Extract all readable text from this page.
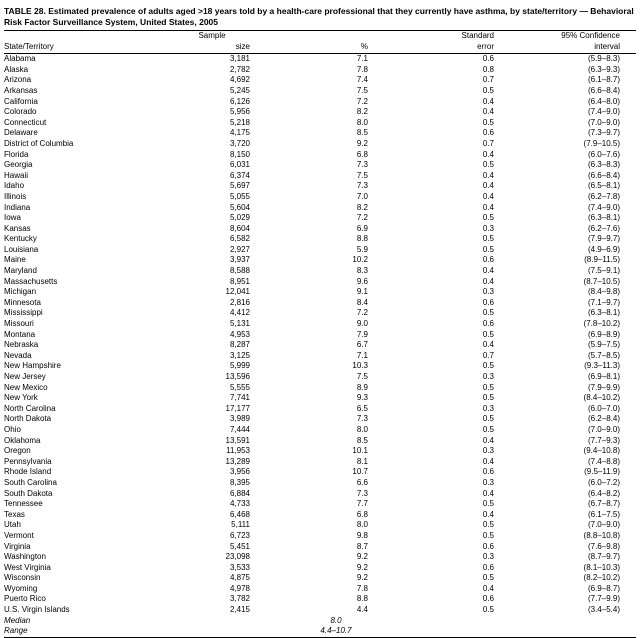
TABLE 28. Estimated prevalence of adults aged >18 years told by a health-care professional that they currently have asthma, by state/territory — Behavioral Risk Factor Surveillance System, United States, 2005
	Sample		Standard	95% Confidence
State/Territory	size	%	error	interval
Alabama	3,181	7.1	0.6	(5.9–8.3)
Alaska	2,782	7.8	0.8	(6.3–9.3)
Arizona	4,692	7.4	0.7	(6.1–8.7)
Arkansas	5,245	7.5	0.5	(6.6–8.4)
California	6,126	7.2	0.4	(6.4–8.0)
Colorado	5,956	8.2	0.4	(7.4–9.0)
Connecticut	5,218	8.0	0.5	(7.0–9.0)
Delaware	4,175	8.5	0.6	(7.3–9.7)
District of Columbia	3,720	9.2	0.7	(7.9–10.5)
Florida	8,150	6.8	0.4	(6.0–7.6)
Georgia	6,031	7.3	0.5	(6.3–8.3)
Hawaii	6,374	7.5	0.4	(6.6–8.4)
Idaho	5,697	7.3	0.4	(6.5–8.1)
Illinois	5,055	7.0	0.4	(6.2–7.8)
Indiana	5,604	8.2	0.4	(7.4–9.0)
Iowa	5,029	7.2	0.5	(6.3–8.1)
Kansas	8,604	6.9	0.3	(6.2–7.6)
Kentucky	6,582	8.8	0.5	(7.9–9.7)
Louisiana	2,927	5.9	0.5	(4.9–6.9)
Maine	3,937	10.2	0.6	(8.9–11.5)
Maryland	8,588	8.3	0.4	(7.5–9.1)
Massachusetts	8,951	9.6	0.4	(8.7–10.5)
Michigan	12,041	9.1	0.3	(8.4–9.8)
Minnesota	2,816	8.4	0.6	(7.1–9.7)
Mississippi	4,412	7.2	0.5	(6.3–8.1)
Missouri	5,131	9.0	0.6	(7.8–10.2)
Montana	4,953	7.9	0.5	(6.9–8.9)
Nebraska	8,287	6.7	0.4	(5.9–7.5)
Nevada	3,125	7.1	0.7	(5.7–8.5)
New Hampshire	5,999	10.3	0.5	(9.3–11.3)
New Jersey	13,596	7.5	0.3	(6.9–8.1)
New Mexico	5,555	8.9	0.5	(7.9–9.9)
New York	7,741	9.3	0.5	(8.4–10.2)
North Carolina	17,177	6.5	0.3	(6.0–7.0)
North Dakota	3,989	7.3	0.5	(6.2–8.4)
Ohio	7,444	8.0	0.5	(7.0–9.0)
Oklahoma	13,591	8.5	0.4	(7.7–9.3)
Oregon	11,953	10.1	0.3	(9.4–10.8)
Pennsylvania	13,289	8.1	0.4	(7.4–8.8)
Rhode Island	3,956	10.7	0.6	(9.5–11.9)
South Carolina	8,395	6.6	0.3	(6.0–7.2)
South Dakota	6,884	7.3	0.4	(6.4–8.2)
Tennessee	4,733	7.7	0.5	(6.7–8.7)
Texas	6,468	6.8	0.4	(6.1–7.5)
Utah	5,111	8.0	0.5	(7.0–9.0)
Vermont	6,723	9.8	0.5	(8.8–10.8)
Virginia	5,451	8.7	0.6	(7.6–9.8)
Washington	23,098	9.2	0.3	(8.7–9.7)
West Virginia	3,533	9.2	0.6	(8.1–10.3)
Wisconsin	4,875	9.2	0.5	(8.2–10.2)
Wyoming	4,978	7.8	0.4	(6.9–8.7)
Puerto Rico	3,782	8.8	0.6	(7.7–9.9)
U.S. Virgin Islands	2,415	4.4	0.5	(3.4–5.4)
Median		8.0		
Range		4.4–10.7		
